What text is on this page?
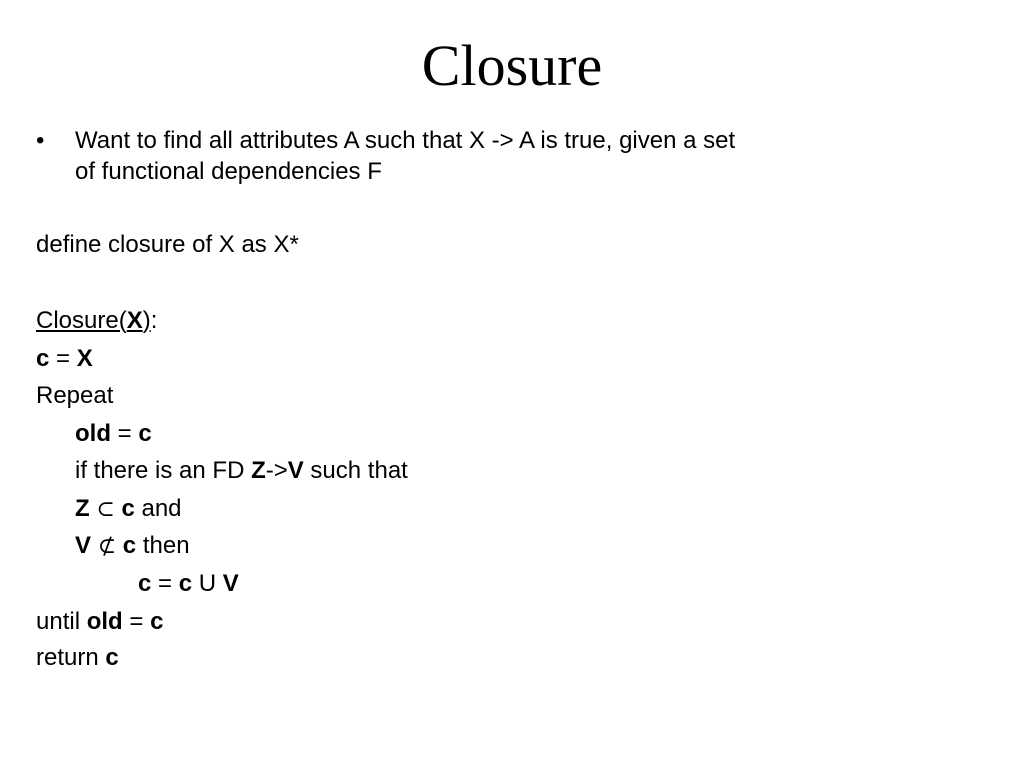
Closure
• Want to find all attributes A such that X -> A is true, given a set
of functional dependencies F
define closure of X as X*
Closure(X):
c = X
Repeat
old = c
if there is an FD Z->V such that
Z ⊂ c and
V ⊄ c then
c = c U V
until old = c
return c
